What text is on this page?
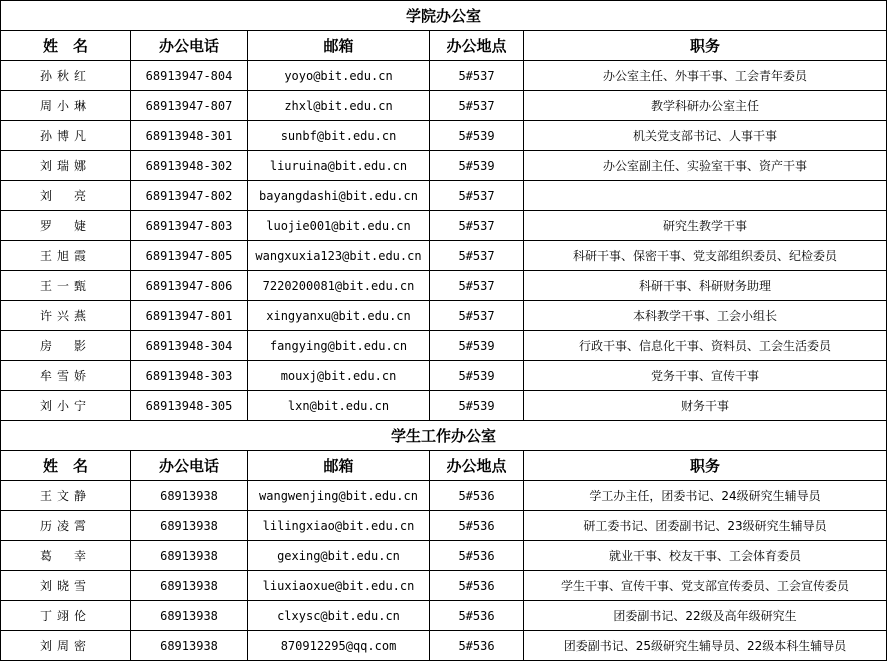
学院办公室				
姓　名	办公电话	邮箱	办公地点	职务
孙秋红	68913947-804	yoyo@bit.edu.cn	5#537	办公室主任、外事干事、工会青年委员
周小琳	68913947-807	zhxl@bit.edu.cn	5#537	教学科研办公室主任
孙博凡	68913948-301	sunbf@bit.edu.cn	5#539	机关党支部书记、人事干事
刘瑞娜	68913948-302	liuruina@bit.edu.cn	5#539	办公室副主任、实验室干事、资产干事
刘　亮	68913947-802	bayangdashi@bit.edu.cn	5#537	
罗　婕	68913947-803	luojie001@bit.edu.cn	5#537	研究生教学干事
王旭霞	68913947-805	wangxuxia123@bit.edu.cn	5#537	科研干事、保密干事、党支部组织委员、纪检委员
王一甄	68913947-806	7220200081@bit.edu.cn	5#537	科研干事、科研财务助理
许兴燕	68913947-801	xingyanxu@bit.edu.cn	5#537	本科教学干事、工会小组长
房　影	68913948-304	fangying@bit.edu.cn	5#539	行政干事、信息化干事、资料员、工会生活委员
牟雪娇	68913948-303	mouxj@bit.edu.cn	5#539	党务干事、宣传干事
刘小宁	68913948-305	lxn@bit.edu.cn	5#539	财务干事
学生工作办公室				
姓　名	办公电话	邮箱	办公地点	职务
王文静	68913938	wangwenjing@bit.edu.cn	5#536	学工办主任，团委书记、24级研究生辅导员
历凌霄	68913938	lilingxiao@bit.edu.cn	5#536	研工委书记、团委副书记、23级研究生辅导员
葛　幸	68913938	gexing@bit.edu.cn	5#536	就业干事、校友干事、工会体育委员
刘晓雪	68913938	liuxiaoxue@bit.edu.cn	5#536	学生干事、宣传干事、党支部宣传委员、工会宣传委员
丁翊伦	68913938	clxysc@bit.edu.cn	5#536	团委副书记、22级及高年级研究生
刘周密	68913938	870912295@qq.com	5#536	团委副书记、25级研究生辅导员、22级本科生辅导员
